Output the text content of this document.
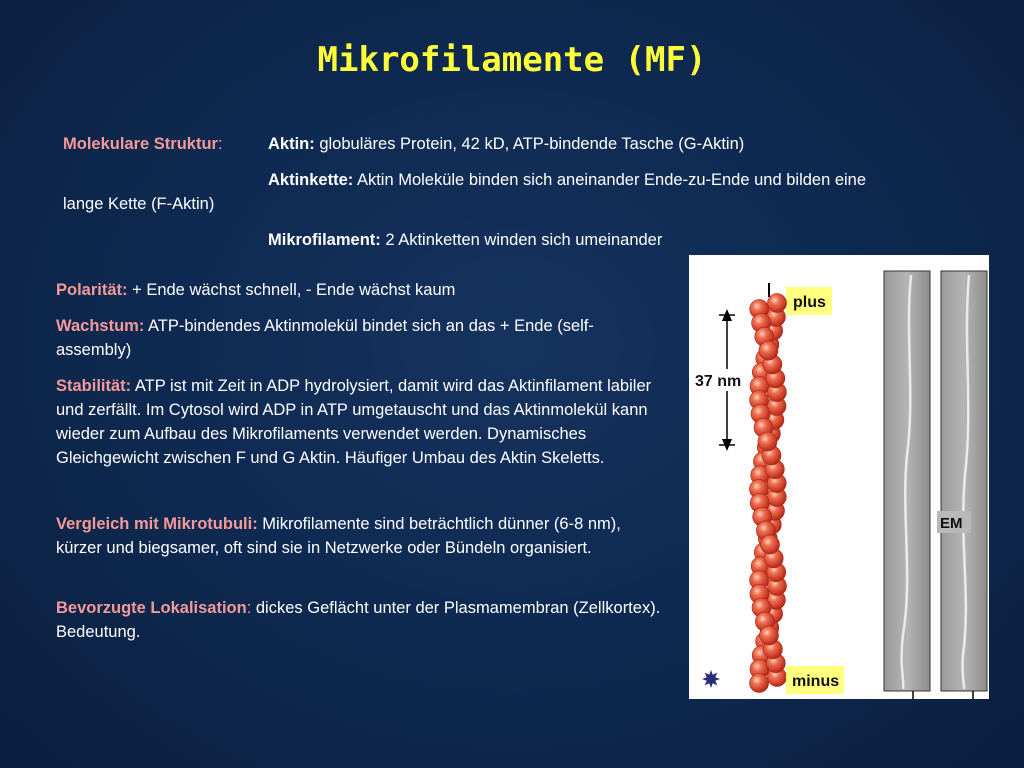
Mikrofilamente (MF)
Molekulare Struktur:	Aktin: globuläres Protein, 42 kD, ATP-bindende Tasche (G-Aktin)
Aktinkette: Aktin Moleküle binden sich aneinander Ende-zu-Ende und bilden eine
lange Kette (F-Aktin)
Mikrofilament: 2 Aktinketten winden sich umeinander
Polarität: + Ende wächst schnell, - Ende wächst kaum
Wachstum: ATP-bindendes Aktinmolekül bindet sich an das + Ende (self-assembly)
Stabilität: ATP ist mit Zeit in ADP hydrolysiert, damit wird das Aktinfilament labiler und zerfällt. Im Cytosol wird ADP in ATP umgetauscht und das Aktinmolekül kann wieder zum Aufbau des Mikrofilaments verwendet werden. Dynamisches Gleichgewicht zwischen F und G Aktin. Häufiger Umbau des Aktin Skeletts.
Vergleich mit Mikrotubuli: Mikrofilamente sind beträchtlich dünner (6-8 nm), kürzer und biegsamer, oft sind sie in Netzwerke oder Bündeln organisiert.
Bevorzugte Lokalisation: dickes Geflächt unter der Plasmamembran (Zellkortex). Bedeutung.
plus
37 nm
minus
EM
